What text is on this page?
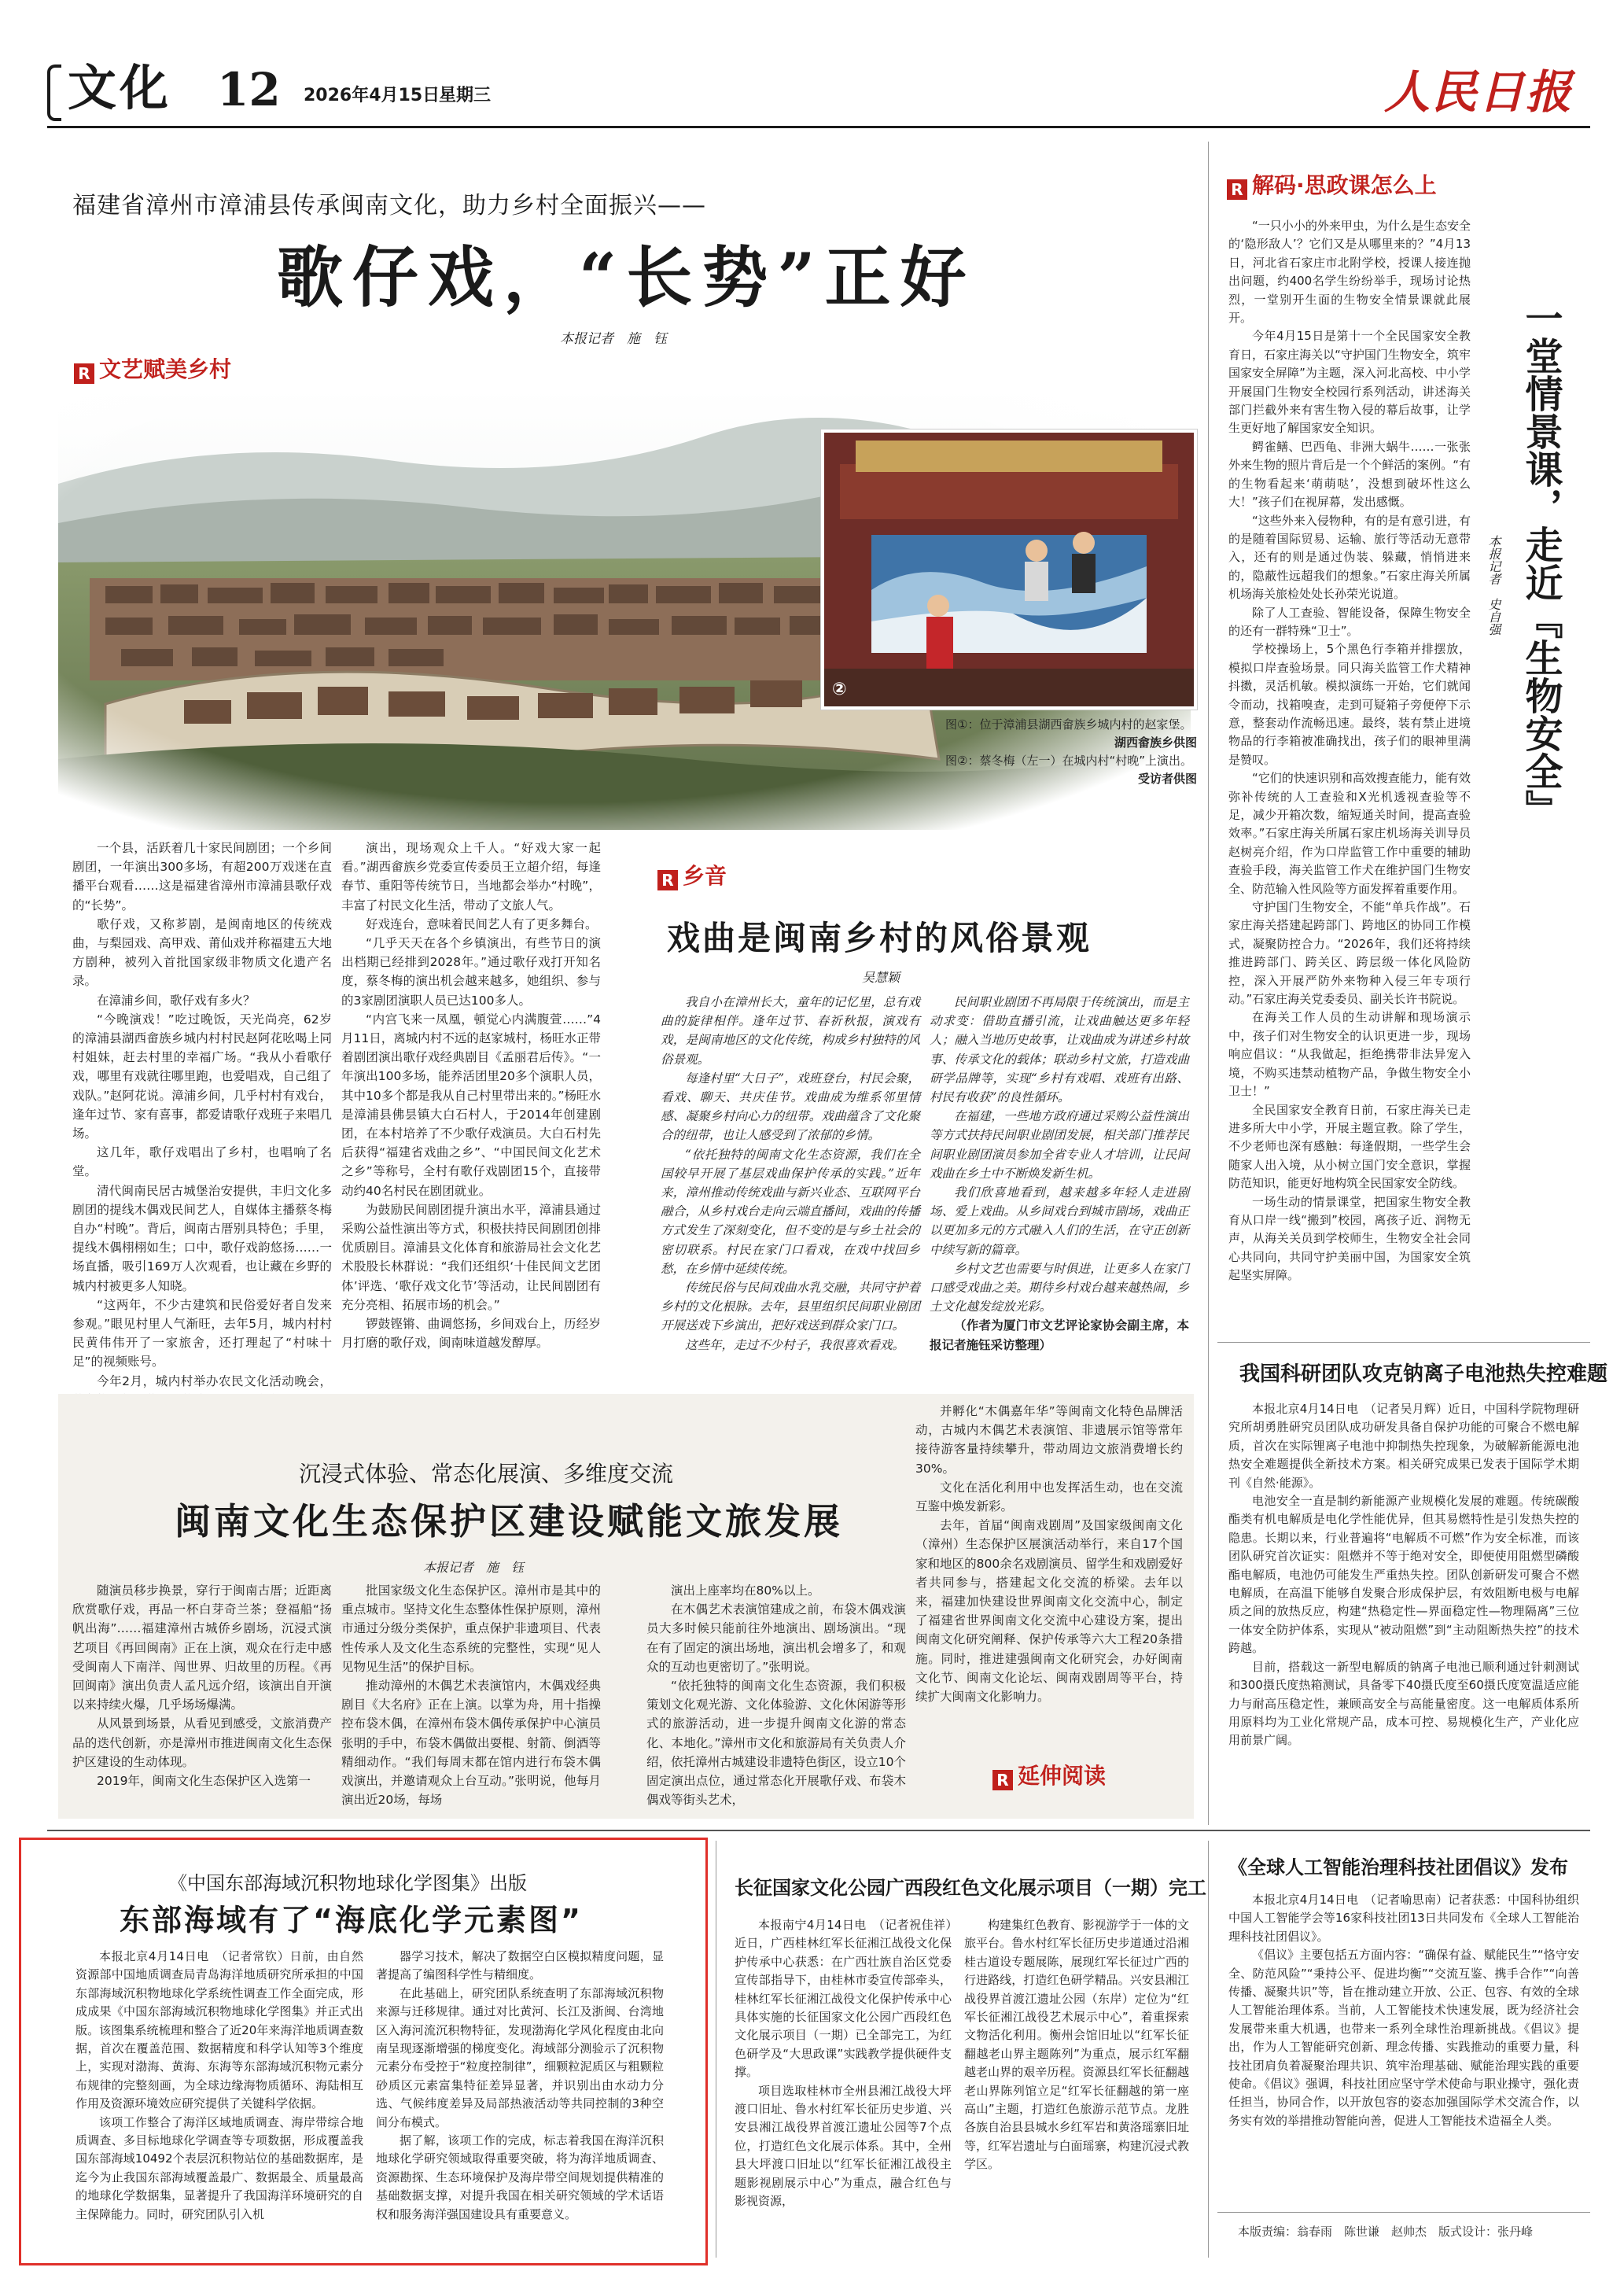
文化 12 2026年4月15日
星期三	人民日报
福建省漳州市漳浦县传承闽南文化，助力乡村全面振兴——
歌仔戏，“长势”正好
本报记者　施　钰
R 文艺赋美乡村
①
②
图①：位于漳浦县湖西畲族乡城内村的赵家堡。
湖西畲族乡供图
图②：蔡冬梅（左一）在城内村“村晚”上演出。
受访者供图

一个县，活跃着几十家民间剧团；一个乡间剧团，一年演出300多场，有超200万戏迷在直播平台观看……这是福建省漳州市漳浦县歌仔戏的“长势”。

歌仔戏，又称芗剧，是闽南地区的传统戏曲，与梨园戏、高甲戏、莆仙戏并称福建五大地方剧种，被列入首批国家级非物质文化遗产名录。

在漳浦乡间，歌仔戏有多火？

“今晚演戏！”吃过晚饭，天光尚亮，62岁的漳浦县湖西畲族乡城内村村民赵阿花吆喝上同村姐妹，赶去村里的幸福广场。“我从小看歌仔戏，哪里有戏就往哪里跑，也爱唱戏，自己组了戏队。”赵阿花说。漳浦乡间，几乎村村有戏台，逢年过节、家有喜事，都爱请歌仔戏班子来唱几场。

这几年，歌仔戏唱出了乡村，也唱响了名堂。

清代闽南民居古城堡治安提供，丰归文化多剧团的提线木偶戏民间艺人，自媒体主播蔡冬梅自办“村晚”。背后，闽南古厝别具特色；手里，提线木偶栩栩如生；口中，歌仔戏韵悠扬……一场直播，吸引169万人次观看，也让藏在乡野的城内村被更多人知晓。

“这两年，不少古建筑和民俗爱好者自发来参观。”眼见村里人气渐旺，去年5月，城内村村民黄伟伟开了一家旅舍，还打理起了“村味十足”的视频账号。

今年2月，城内村举办农民文化活动晚会，

演出，现场观众上千人。“好戏大家一起看。”湖西畲族乡党委宣传委员王立超介绍，每逢春节、重阳等传统节日，当地都会举办“村晚”，丰富了村民文化生活，带动了文旅人气。

好戏连台，意味着民间艺人有了更多舞台。

“几乎天天在各个乡镇演出，有些节日的演出档期已经排到2028年。”通过歌仔戏打开知名度，蔡冬梅的演出机会越来越多，她组织、参与的3家剧团演职人员已达100多人。

“内宫飞来一凤凰，頓觉心内满腹萱……”4月11日，离城内村不远的赵家城村，杨旺水正带着剧团演出歌仔戏经典剧目《孟丽君后传》。“一年演出100多场，能养活团里20多个演职人员，其中10多个都是我从自己村里带出来的。”杨旺水是漳浦县佛昙镇大白石村人，于2014年创建剧团，在本村培养了不少歌仔戏演员。大白石村先后获得“福建省戏曲之乡”、“中国民间文化艺术之乡”等称号，全村有歌仔戏剧团15个，直接带动约40名村民在剧团就业。

为鼓励民间剧团提升演出水平，漳浦县通过采购公益性演出等方式，积极扶持民间剧团创排优质剧目。漳浦县文化体育和旅游局社会文化艺术股股长林群说：“我们还组织‘十佳民间文艺团体’评选、‘歌仔戏文化节’等活动，让民间剧团有充分亮相、拓展市场的机会。”

锣鼓铿锵、曲调悠扬，乡间戏台上，历经岁月打磨的歌仔戏，闽南味道越发醇厚。

R 乡音
戏曲是闽南乡村的风俗景观
吴慧颖

我自小在漳州长大，童年的记忆里，总有戏曲的旋律相伴。逢年过节、春祈秋报，演戏有戏，是闽南地区的文化传统，构成乡村独特的风俗景观。

每逢村里“大日子”，戏班登台，村民会聚，看戏、聊天、共庆佳节。戏曲成为维系邻里情感、凝聚乡村向心力的纽带。戏曲蕴含了文化聚合的纽带，也让人感受到了浓郁的乡情。

“依托独特的闽南文化生态资源，我们在全国较早开展了基层戏曲保护传承的实践。”近年来，漳州推动传统戏曲与新兴业态、互联网平台融合，从乡村戏台走向云端直播间，戏曲的传播方式发生了深刻变化，但不变的是与乡土社会的密切联系。村民在家门口看戏，在戏中找回乡愁，在乡情中延续传统。

传统民俗与民间戏曲水乳交融，共同守护着乡村的文化根脉。去年，县里组织民间职业剧团开展送戏下乡演出，把好戏送到群众家门口。

这些年，走过不少村子，我很喜欢看戏。

民间职业剧团不再局限于传统演出，而是主动求变：借助直播引流，让戏曲触达更多年轻人；融入当地历史故事，让戏曲成为讲述乡村故事、传承文化的载体；联动乡村文旅，打造戏曲研学品牌等，实现“乡村有戏唱、戏班有出路、村民有收获”的良性循环。

在福建，一些地方政府通过采购公益性演出等方式扶持民间职业剧团发展，相关部门推荐民间职业剧团演员参加全省专业人才培训，让民间戏曲在乡土中不断焕发新生机。

我们欣喜地看到，越来越多年轻人走进剧场、爱上戏曲。从乡间戏台到城市剧场，戏曲正以更加多元的方式融入人们的生活，在守正创新中续写新的篇章。

乡村文艺也需要与时俱进，让更多人在家门口感受戏曲之美。期待乡村戏台越来越热闹，乡土文化越发绽放光彩。

（作者为厦门市文艺评论家协会副主席，本报记者施钰采访整理）

沉浸式体验、常态化展演、多维度交流
闽南文化生态保护区建设赋能文旅发展
本报记者　施　钰

随演员移步换景，穿行于闽南古厝；近距离欣赏歌仔戏，再品一杯白芽奇兰茶；登福船“扬帆出海”……福建漳州古城侨乡剧场，沉浸式演艺项目《再回闽南》正在上演，观众在行走中感受闽南人下南洋、闯世界、归故里的历程。《再回闽南》演出负责人孟凡远介绍，该演出自开演以来持续火爆，几乎场场爆满。

从风景到场景，从看见到感受，文旅消费产品的迭代创新，亦是漳州市推进闽南文化生态保护区建设的生动体现。

2019年，闽南文化生态保护区入选第一

批国家级文化生态保护区。漳州市是其中的重点城市。坚持文化生态整体性保护原则，漳州市通过分级分类保护，重点保护非遗项目、代表性传承人及文化生态系统的完整性，实现“见人见物见生活”的保护目标。

推动漳州的木偶艺术表演馆内，木偶戏经典剧目《大名府》正在上演。以掌为舟，用十指操控布袋木偶，在漳州布袋木偶传承保护中心演员张明的手中，布袋木偶做出耍棍、射箭、倒酒等精细动作。“我们每周末都在馆内进行布袋木偶戏演出，并邀请观众上台互动。”张明说，他每月演出近20场，每场

演出上座率均在80%以上。

在木偶艺术表演馆建成之前，布袋木偶戏演员大多时候只能前往外地演出、剧场演出。“现在有了固定的演出场地，演出机会增多了，和观众的互动也更密切了。”张明说。

“依托独特的闽南文化生态资源，我们积极策划文化观光游、文化体验游、文化休闲游等形式的旅游活动，进一步提升闽南文化游的常态化、本地化。”漳州市文化和旅游局有关负责人介绍，依托漳州古城建设非遗特色街区，设立10个固定演出点位，通过常态化开展歌仔戏、布袋木偶戏等街头艺术，

并孵化“木偶嘉年华”等闽南文化特色品牌活动，古城内木偶艺术表演馆、非遗展示馆等常年接待游客量持续攀升，带动周边文旅消费增长约30%。

文化在活化利用中也发挥活生动，也在交流互鉴中焕发新彩。

去年，首届“闽南戏剧周”及国家级闽南文化（漳州）生态保护区展演活动举行，来自17个国家和地区的800余名戏剧演员、留学生和戏剧爱好者共同参与，搭建起文化交流的桥梁。去年以来，福建加快建设世界闽南文化交流中心，制定了福建省世界闽南文化交流中心建设方案，提出闽南文化研究阐释、保护传承等六大工程20条措施。同时，推进建强闽南文化研究会，办好闽南文化节、闽南文化论坛、闽南戏剧周等平台，持续扩大闽南文化影响力。

R 延伸阅读
R 解码·思政课怎么上

“一只小小的外来甲虫，为什么是生态安全的‘隐形敌人’？它们又是从哪里来的？”4月13日，河北省石家庄市北附学校，授课人接连抛出问题，约400名学生纷纷举手，现场讨论热烈，一堂别开生面的生物安全情景课就此展开。

今年4月15日是第十一个全民国家安全教育日，石家庄海关以“守护国门生物安全，筑牢国家安全屏障”为主题，深入河北高校、中小学开展国门生物安全校园行系列活动，讲述海关部门拦截外来有害生物入侵的幕后故事，让学生更好地了解国家安全知识。

鳄雀鳝、巴西龟、非洲大蜗牛……一张张外来生物的照片背后是一个个鲜活的案例。“有的生物看起来‘萌萌哒’，没想到破坏性这么大！”孩子们在视屏幕，发出感慨。

“这些外来入侵物种，有的是有意引进，有的是随着国际贸易、运输、旅行等活动无意带入，还有的则是通过伪装、躲藏，悄悄进来的，隐蔽性远超我们的想象。”石家庄海关所属机场海关旅检处处长孙荣光说道。

除了人工查验、智能设备，保障生物安全的还有一群特殊“卫士”。

学校操场上，5个黑色行李箱并排摆放，模拟口岸查验场景。同只海关监管工作犬精神抖擞，灵活机敏。模拟演练一开始，它们就闻令而动，找箱嗅查，走到可疑箱子旁便停下示意，整套动作流畅迅速。最终，装有禁止进境物品的行李箱被准确找出，孩子们的眼神里满是赞叹。

“它们的快速识别和高效搜查能力，能有效弥补传统的人工查验和X光机透视查验等不足，减少开箱次数，缩短通关时间，提高查验效率。”石家庄海关所属石家庄机场海关训导员赵树亮介绍，作为口岸监管工作中重要的辅助查验手段，海关监管工作犬在维护国门生物安全、防范输入性风险等方面发挥着重要作用。

守护国门生物安全，不能“单兵作战”。石家庄海关搭建起跨部门、跨地区的协同工作模式，凝聚防控合力。“2026年，我们还将持续推进跨部门、跨关区、跨层级一体化风险防控，深入开展严防外来物种入侵三年专项行动。”石家庄海关党委委员、副关长许书院说。

在海关工作人员的生动讲解和现场演示中，孩子们对生物安全的认识更进一步，现场响应倡议：“从我做起，拒绝携带非法异宠入境，不购买违禁动植物产品，争做生物安全小卫士！”

全民国家安全教育日前，石家庄海关已走进多所大中小学，开展主题宣教。除了学生，不少老师也深有感触：每逢假期，一些学生会随家人出入境，从小树立国门安全意识，掌握防范知识，能更好地构筑全民国家安全防线。

一场生动的情景课堂，把国家生物安全教育从口岸一线“搬到”校园，离孩子近、润物无声，从海关关员到学校师生，生物安全社会同心共同向，共同守护美丽中国，为国家安全筑起坚实屏障。

一堂情景课，走近『生物安全』
本报记者　史自强
我国科研团队攻克钠离子电池热失控难题

本报北京4月14日电　（记者吴月辉）近日，中国科学院物理研究所胡勇胜研究员团队成功研发具备自保护功能的可聚合不燃电解质，首次在实际锂离子电池中抑制热失控现象，为破解新能源电池热安全难题提供全新技术方案。相关研究成果已发表于国际学术期刊《自然·能源》。

电池安全一直是制约新能源产业规模化发展的难题。传统碳酸酯类有机电解质是电化学性能优异，但其易燃特性是引发热失控的隐患。长期以来，行业普遍将“电解质不可燃”作为安全标准，而该团队研究首次证实：阻燃并不等于绝对安全，即便使用阻燃型磷酸酯电解质，电池仍可能发生严重热失控。团队创新研发可聚合不燃电解质，在高温下能够自发聚合形成保护层，有效阻断电极与电解质之间的放热反应，构建“热稳定性—界面稳定性—物理隔离”三位一体安全防护体系，实现从“被动阻燃”到“主动阻断热失控”的技术跨越。

目前，搭载这一新型电解质的钠离子电池已顺利通过针刺测试和300摄氏度热箱测试，具备零下40摄氏度至60摄氏度宽温适应能力与耐高压稳定性，兼顾高安全与高能量密度。这一电解质体系所用原料均为工业化常规产品，成本可控、易规模化生产，产业化应用前景广阔。

《中国东部海域沉积物地球化学图集》出版
东部海域有了“海底化学元素图”

本报北京4月14日电　（记者常钦）日前，由自然资源部中国地质调查局青岛海洋地质研究所承担的中国东部海域沉积物地球化学系统性调查工作全面完成，形成成果《中国东部海域沉积物地球化学图集》并正式出版。该图集系统梳理和整合了近20年来海洋地质调查数据，首次在覆盖范围、数据精度和科学认知等3个维度上，实现对渤海、黄海、东海等东部海域沉积物元素分布规律的完整刻画，为全球边缘海物质循环、海陆相互作用及资源环境效应研究提供了关键科学依据。

该项工作整合了海洋区域地质调查、海岸带综合地质调查、多目标地球化学调查等专项数据，形成覆盖我国东部海域10492个表层沉积物站位的基础数据库，是迄今为止我国东部海域覆盖最广、数据最全、质量最高的地球化学数据集，显著提升了我国海洋环境研究的自主保障能力。同时，研究团队引入机

器学习技术，解决了数据空白区模拟精度问题，显著提高了编图科学性与精细度。

在此基础上，研究团队系统查明了东部海域沉积物来源与迁移规律。通过对比黄河、长江及浙闽、台湾地区入海河流沉积物特征，发现渤海化学风化程度由北向南呈现逐渐增强的梯度变化。海域部分测验示了沉积物元素分布受控于“粒度控制律”，细颗粒泥质区与粗颗粒砂质区元素富集特征差异显著，并识别出由水动力分选、气候纬度差异及局部热液活动等共同控制的3种空间分布模式。

据了解，该项工作的完成，标志着我国在海洋沉积地球化学研究领域取得重要突破，将为海洋地质调查、资源勘探、生态环境保护及海岸带空间规划提供精准的基础数据支撑，对提升我国在相关研究领域的学术话语权和服务海洋强国建设具有重要意义。

长征国家文化公园广西段红色文化展示项目（一期）完工

本报南宁4月14日电　（记者祝佳祥）近日，广西桂林红军长征湘江战役文化保护传承中心获悉：在广西壮族自治区党委宣传部指导下，由桂林市委宣传部牵头，桂林红军长征湘江战役文化保护传承中心具体实施的长征国家文化公园广西段红色文化展示项目（一期）已全部完工，为红色研学及“大思政课”实践教学提供硬件支撑。

项目选取桂林市全州县湘江战役大坪渡口旧址、鲁水村红军长征历史步道、兴安县湘江战役界首渡江遗址公园等7个点位，打造红色文化展示体系。其中，全州县大坪渡口旧址以“红军长征湘江战役主题影视剧展示中心”为重点，融合红色与影视资源，

构建集红色教育、影视游学于一体的文旅平台。鲁水村红军长征历史步道通过沿湘桂古道设专题展陈，展现红军长征过广西的行进路线，打造红色研学精品。兴安县湘江战役界首渡江遗址公园（东岸）定位为“红军长征湘江战役艺术展示中心”，着重探索文物活化利用。衡州会馆旧址以“红军长征翻越老山界主题陈列”为重点，展示红军翻越老山界的艰辛历程。资源县红军长征翻越老山界陈列馆立足“红军长征翻越的第一座高山”主题，打造红色旅游示范节点。龙胜各族自治县县城水乡红军岩和黄洛瑶寨旧址等，红军岩遗址与白面瑶寨，构建沉浸式教学区。

《全球人工智能治理科技社团倡议》发布

本报北京4月14日电　（记者喻思南）记者获悉：中国科协组织中国人工智能学会等16家科技社团13日共同发布《全球人工智能治理科技社团倡议》。

《倡议》主要包括五方面内容：“确保有益、赋能民生”“恪守安全、防范风险”“秉持公平、促进均衡”“交流互鉴、携手合作”“向善传播、凝聚共识”等，旨在推动建立开放、公正、包容、有效的全球人工智能治理体系。当前，人工智能技术快速发展，既为经济社会发展带来重大机遇，也带来一系列全球性治理新挑战。《倡议》提出，作为人工智能研究创新、理念传播、实践推动的重要力量，科技社团肩负着凝聚治理共识、筑牢治理基础、赋能治理实践的重要使命。《倡议》强调，科技社团应坚守学术使命与职业操守，强化责任担当，协同合作，以开放包容的姿态加强国际学术交流合作，以务实有效的举措推动智能向善，促进人工智能技术造福全人类。

本版责编：翁春雨　陈世谦　赵帅杰　版式设计：张丹峰
